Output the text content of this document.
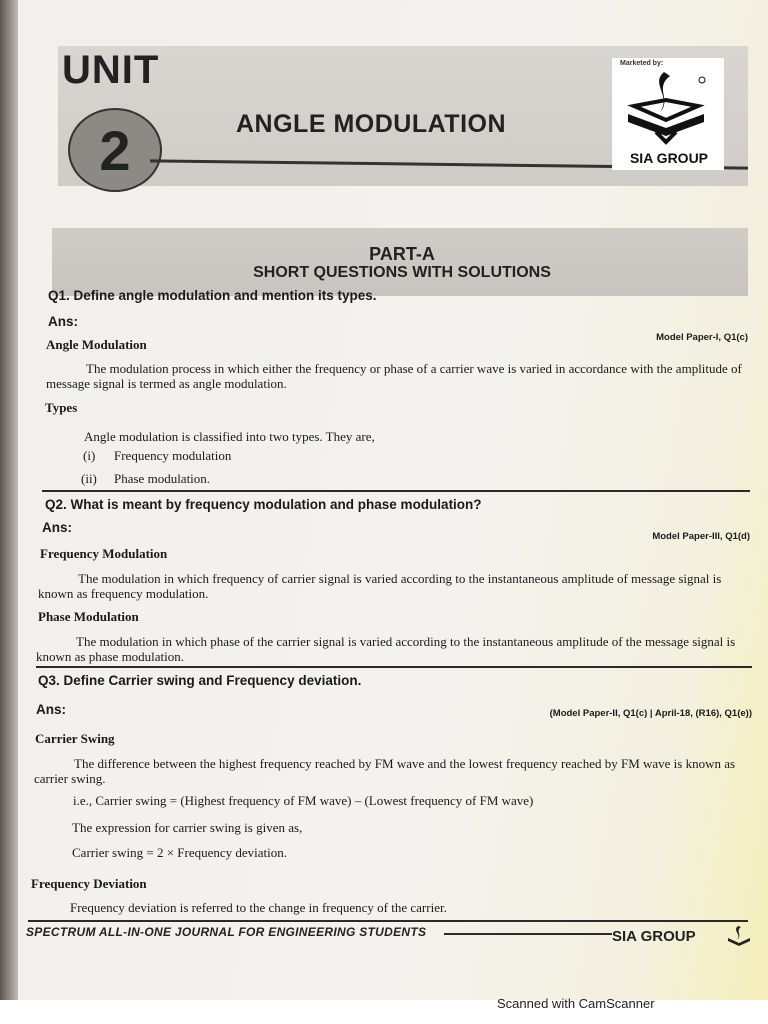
UNIT
2	ANGLE MODULATION
Marketed by:
SIA GROUP
PART-A
SHORT QUESTIONS WITH SOLUTIONS
Q1. Define angle modulation and mention its types.
Ans:
Model Paper-I, Q1(c)
Angle Modulation
The modulation process in which either the frequency or phase of a carrier wave is varied in accordance with the amplitude of message signal is termed as angle modulation.
Types
Angle modulation is classified into two types. They are,
(i) Frequency modulation
(ii) Phase modulation.
Q2. What is meant by frequency modulation and phase modulation?
Ans:
Model Paper-III, Q1(d)
Frequency Modulation
The modulation in which frequency of carrier signal is varied according to the instantaneous amplitude of message signal is known as frequency modulation.
Phase Modulation
The modulation in which phase of the carrier signal is varied according to the instantaneous amplitude of the message signal is known as phase modulation.
Q3. Define Carrier swing and Frequency deviation.
Ans:	(Model Paper-II, Q1(c) | April-18, (R16), Q1(e))
Carrier Swing
The difference between the highest frequency reached by FM wave and the lowest frequency reached by FM wave is known as carrier swing.
i.e., Carrier swing = (Highest frequency of FM wave) – (Lowest frequency of FM wave)
The expression for carrier swing is given as,
Carrier swing = 2 × Frequency deviation.
Frequency Deviation
Frequency deviation is referred to the change in frequency of the carrier.
SPECTRUM ALL-IN-ONE JOURNAL FOR ENGINEERING STUDENTS	SIA GROUP
Scanned with CamScanner
